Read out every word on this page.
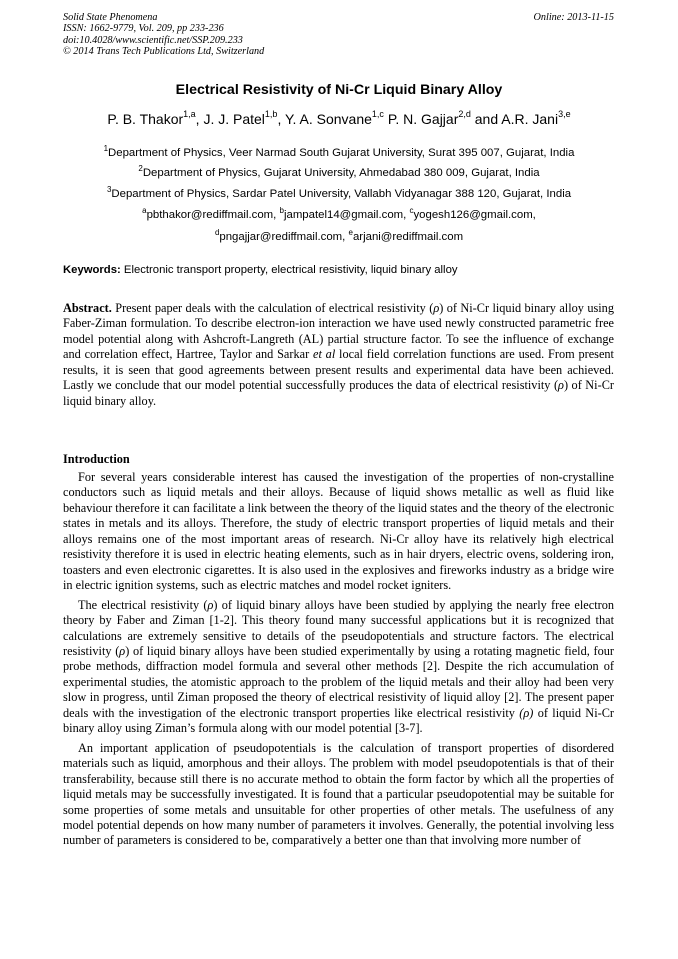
Solid State Phenomena
ISSN: 1662-9779, Vol. 209, pp 233-236
doi:10.4028/www.scientific.net/SSP.209.233
© 2014 Trans Tech Publications Ltd, Switzerland
Online: 2013-11-15
Electrical Resistivity of Ni-Cr Liquid Binary Alloy
P. B. Thakor$^{1,a}$, J. J. Patel$^{1,b}$, Y. A. Sonvane$^{1,c}$ P. N. Gajjar$^{2,d}$ and A.R. Jani$^{3,e}$
$^1$Department of Physics, Veer Narmad South Gujarat University, Surat 395 007, Gujarat, India
$^2$Department of Physics, Gujarat University, Ahmedabad 380 009, Gujarat, India
$^3$Department of Physics, Sardar Patel University, Vallabh Vidyanagar 388 120, Gujarat, India
$^a$pbthakor@rediffmail.com, $^b$jampatel14@gmail.com, $^c$yogesh126@gmail.com,
$^d$pngajjar@rediffmail.com, $^e$arjani@rediffmail.com
Keywords: Electronic transport property, electrical resistivity, liquid binary alloy

Abstract. Present paper deals with the calculation of electrical resistivity (ρ) of Ni-Cr liquid binary alloy using Faber-Ziman formulation. To describe electron-ion interaction we have used newly constructed parametric free model potential along with Ashcroft-Langreth (AL) partial structure factor. To see the influence of exchange and correlation effect, Hartree, Taylor and Sarkar et al local field correlation functions are used. From present results, it is seen that good agreements between present results and experimental data have been achieved. Lastly we conclude that our model potential successfully produces the data of electrical resistivity (ρ) of Ni-Cr liquid binary alloy.

Introduction

For several years considerable interest has caused the investigation of the properties of non-crystalline conductors such as liquid metals and their alloys. Because of liquid shows metallic as well as fluid like behaviour therefore it can facilitate a link between the theory of the liquid states and the theory of the electronic states in metals and its alloys. Therefore, the study of electric transport properties of liquid metals and their alloys remains one of the most important areas of research. Ni-Cr alloy have its relatively high electrical resistivity therefore it is used in electric heating elements, such as in hair dryers, electric ovens, soldering iron, toasters and even electronic cigarettes. It is also used in the explosives and fireworks industry as a bridge wire in electric ignition systems, such as electric matches and model rocket igniters.

The electrical resistivity (ρ) of liquid binary alloys have been studied by applying the nearly free electron theory by Faber and Ziman [1-2]. This theory found many successful applications but it is recognized that calculations are extremely sensitive to details of the pseudopotentials and structure factors. The electrical resistivity (ρ) of liquid binary alloys have been studied experimentally by using a rotating magnetic field, four probe methods, diffraction model formula and several other methods [2]. Despite the rich accumulation of experimental studies, the atomistic approach to the problem of the liquid metals and their alloy had been very slow in progress, until Ziman proposed the theory of electrical resistivity of liquid alloy [2]. The present paper deals with the investigation of the electronic transport properties like electrical resistivity (ρ) of liquid Ni-Cr binary alloy using Ziman’s formula along with our model potential [3-7].

An important application of pseudopotentials is the calculation of transport properties of disordered materials such as liquid, amorphous and their alloys. The problem with model pseudopotentials is that of their transferability, because still there is no accurate method to obtain the form factor by which all the properties of liquid metals may be successfully investigated. It is found that a particular pseudopotential may be suitable for some properties of some metals and unsuitable for other properties of other metals. The usefulness of any model potential depends on how many number of parameters it involves. Generally, the potential involving less number of parameters is considered to be, comparatively a better one than that involving more number of
